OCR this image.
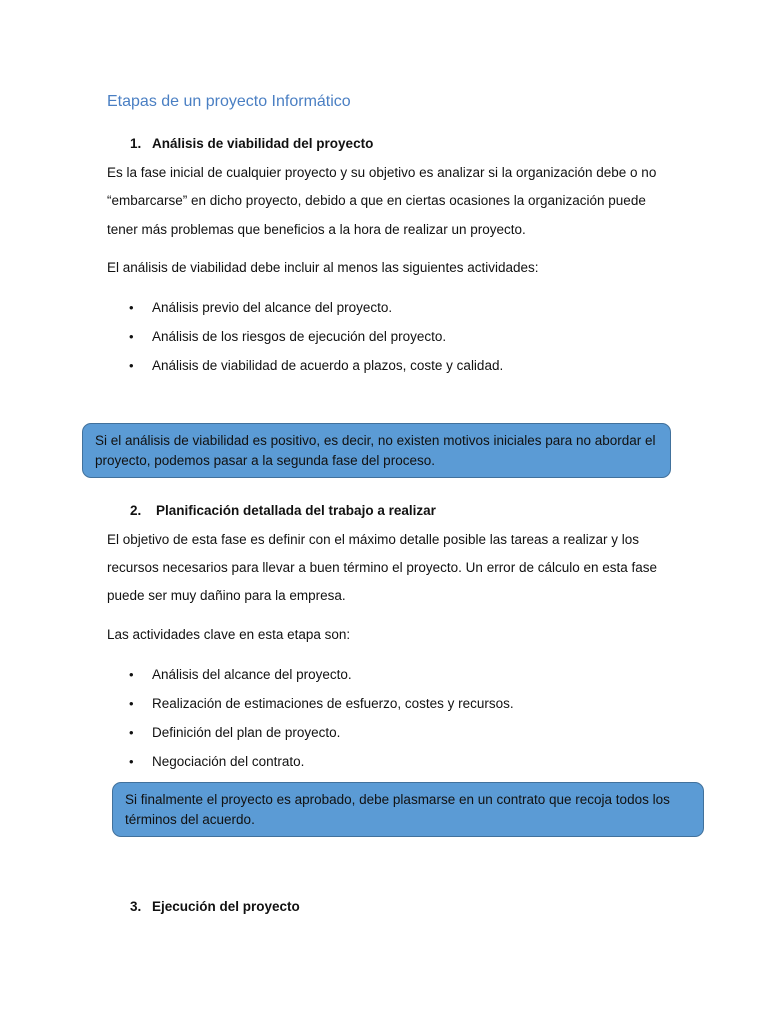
Etapas de un proyecto Informático
1. Análisis de viabilidad del proyecto
Es la fase inicial de cualquier proyecto y su objetivo es analizar si la organización debe o no
“embarcarse” en dicho proyecto, debido a que en ciertas ocasiones la organización puede
tener más problemas que beneficios a la hora de realizar un proyecto.
El análisis de viabilidad debe incluir al menos las siguientes actividades:
• Análisis previo del alcance del proyecto.
• Análisis de los riesgos de ejecución del proyecto.
• Análisis de viabilidad de acuerdo a plazos, coste y calidad.
Si el análisis de viabilidad es positivo, es decir, no existen motivos iniciales para no abordar el
proyecto, podemos pasar a la segunda fase del proceso.
2. Planificación detallada del trabajo a realizar
El objetivo de esta fase es definir con el máximo detalle posible las tareas a realizar y los
recursos necesarios para llevar a buen término el proyecto. Un error de cálculo en esta fase
puede ser muy dañino para la empresa.
Las actividades clave en esta etapa son:
• Análisis del alcance del proyecto.
• Realización de estimaciones de esfuerzo, costes y recursos.
• Definición del plan de proyecto.
• Negociación del contrato.
Si finalmente el proyecto es aprobado, debe plasmarse en un contrato que recoja todos los
términos del acuerdo.
3. Ejecución del proyecto
